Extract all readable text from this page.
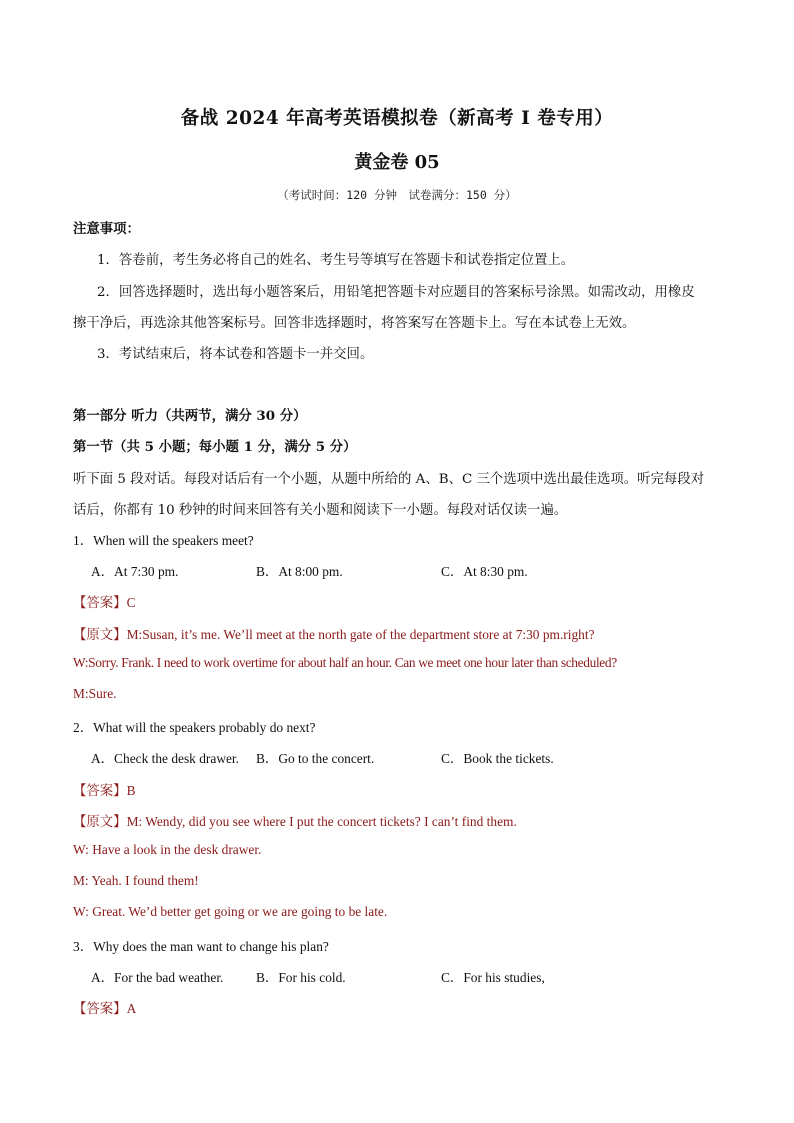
备战 2024 年高考英语模拟卷（新高考 I 卷专用）
黄金卷 05
（考试时间：120 分钟　试卷满分：150 分）
注意事项：
1．答卷前，考生务必将自己的姓名、考生号等填写在答题卡和试卷指定位置上。
2．回答选择题时，选出每小题答案后，用铅笔把答题卡对应题目的答案标号涂黑。如需改动，用橡皮
擦干净后，再选涂其他答案标号。回答非选择题时，将答案写在答题卡上。写在本试卷上无效。
3．考试结束后，将本试卷和答题卡一并交回。
第一部分 听力（共两节，满分 30 分）
第一节（共 5 小题；每小题 1 分，满分 5 分）
听下面 5 段对话。每段对话后有一个小题，从题中所给的 A、B、C 三个选项中选出最佳选项。听完每段对
话后，你都有 10 秒钟的时间来回答有关小题和阅读下一小题。每段对话仅读一遍。
1．When will the speakers meet?
A．At 7:30 pm.	B．At 8:00 pm.	C．At 8:30 pm.
【答案】C
【原文】M:Susan, it’s me. We’ll meet at the north gate of the department store at 7:30 pm.right?
W:Sorry. Frank. I need to work overtime for about half an hour. Can we meet one hour later than scheduled?
M:Sure.
2．What will the speakers probably do next?
A．Check the desk drawer. B．Go to the concert.	C．Book the tickets.
【答案】B
【原文】M: Wendy, did you see where I put the concert tickets? I can’t find them.
W: Have a look in the desk drawer.
M: Yeah. I found them!
W: Great. We’d better get going or we are going to be late.
3．Why does the man want to change his plan?
A．For the bad weather. B．For his cold.	C．For his studies,
【答案】A
